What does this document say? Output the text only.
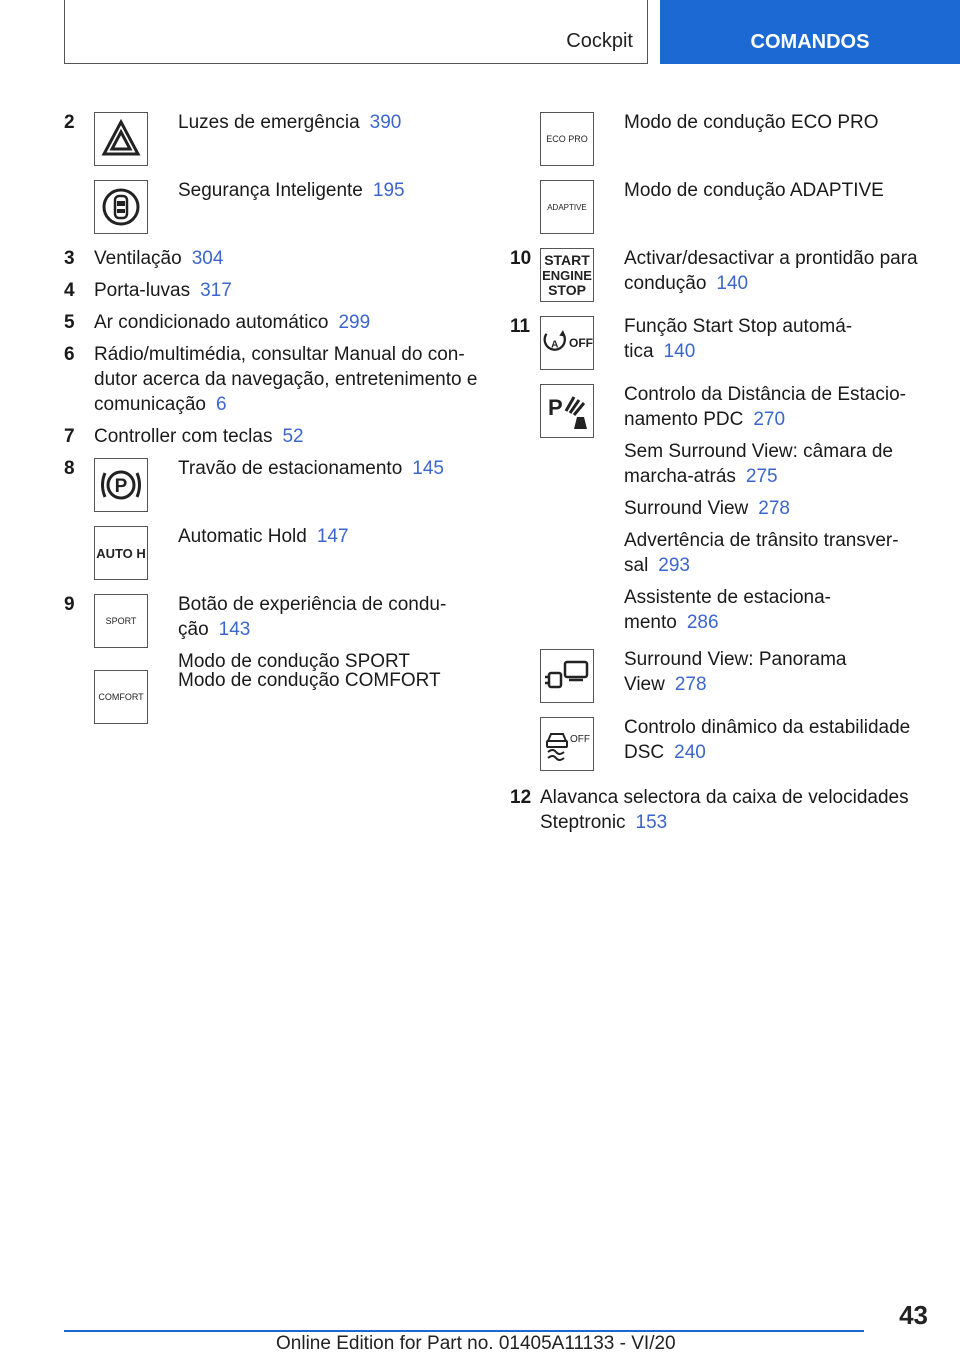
Cockpit	COMANDOS
2	Luzes de emergência 390
Segurança Inteligente 195
3 Ventilação 304
4 Porta-luvas 317
5 Ar condicionado automático 299
6 Rádio/multimédia, consultar Manual do con-
dutor acerca da navegação, entretenimento e
comunicação 6
7 Controller com teclas 52
8
P
Travão de estacionamento 145
AUTO H
Automatic Hold 147
9
SPORT
Botão de experiência de condu-
ção 143
Modo de condução SPORT
COMFORT
Modo de condução COMFORT
ECO PRO
Modo de condução ECO PRO
ADAPTIVE
Modo de condução ADAPTIVE
10 START
ENGINE
STOP
Activar/desactivar a prontidão para
condução 140
11
A OFF
Função Start Stop automá-
tica 140
P
Controlo da Distância de Estacio-
namento PDC 270
Sem Surround View: câmara de
marcha-atrás 275
Surround View 278
Advertência de trânsito transver-
sal 293
Assistente de estaciona-
mento 286
Surround View: Panorama
View 278
OFF
Controlo dinâmico da estabilidade
DSC 240
12 Alavanca selectora da caixa de velocidades
Steptronic 153
43
Online Edition for Part no. 01405A11133 - VI/20
